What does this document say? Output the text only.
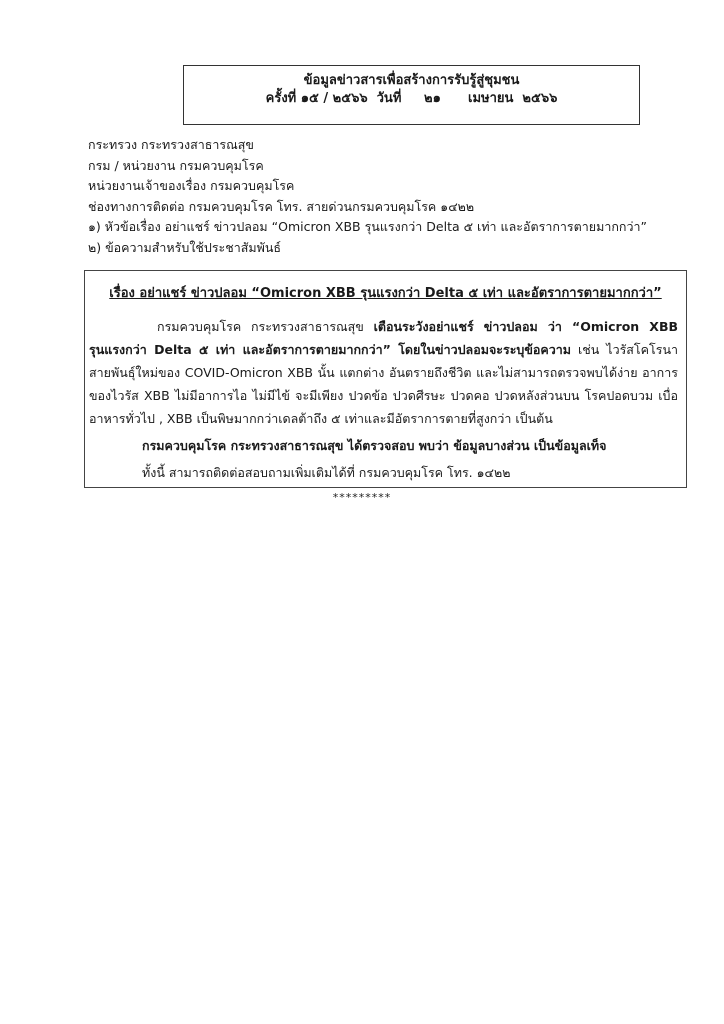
ข้อมูลข่าวสารเพื่อสร้างการรับรู้สู่ชุมชน
ครั้งที่ ๑๕ / ๒๕๖๖  วันที่     ๒๑      เมษายน  ๒๕๖๖
กระทรวง กระทรวงสาธารณสุข
กรม / หน่วยงาน กรมควบคุมโรค
หน่วยงานเจ้าของเรื่อง กรมควบคุมโรค
ช่องทางการติดต่อ กรมควบคุมโรค โทร. สายด่วนกรมควบคุมโรค ๑๔๒๒
๑) หัวข้อเรื่อง อย่าแชร์ ข่าวปลอม “Omicron XBB รุนแรงกว่า Delta ๕ เท่า และอัตราการตายมากกว่า”
๒) ข้อความสำหรับใช้ประชาสัมพันธ์
เรื่อง อย่าแชร์ ข่าวปลอม “Omicron XBB รุนแรงกว่า Delta ๕ เท่า และอัตราการตายมากกว่า”
กรมควบคุมโรค กระทรวงสาธารณสุข เตือนระวังอย่าแชร์ ข่าวปลอม ว่า “Omicron XBB รุนแรงกว่า Delta ๕ เท่า และอัตราการตายมากกว่า” โดยในข่าวปลอมจะระบุข้อความ เช่น ไวรัสโคโรนาสายพันธุ์ใหม่ของ COVID-Omicron XBB นั้น แตกต่าง อันตรายถึงชีวิต และไม่สามารถตรวจพบได้ง่าย อาการของไวรัส XBB ไม่มีอาการไอ ไม่มีไข้ จะมีเพียง ปวดข้อ ปวดศีรษะ ปวดคอ ปวดหลังส่วนบน โรคปอดบวม เบื่ออาหารทั่วไป , XBB เป็นพิษมากกว่าเดลต้าถึง ๕ เท่าและมีอัตราการตายที่สูงกว่า เป็นต้น
กรมควบคุมโรค กระทรวงสาธารณสุข ได้ตรวจสอบ พบว่า ข้อมูลบางส่วน เป็นข้อมูลเท็จ
ทั้งนี้ สามารถติดต่อสอบถามเพิ่มเติมได้ที่ กรมควบคุมโรค โทร. ๑๔๒๒
*********
